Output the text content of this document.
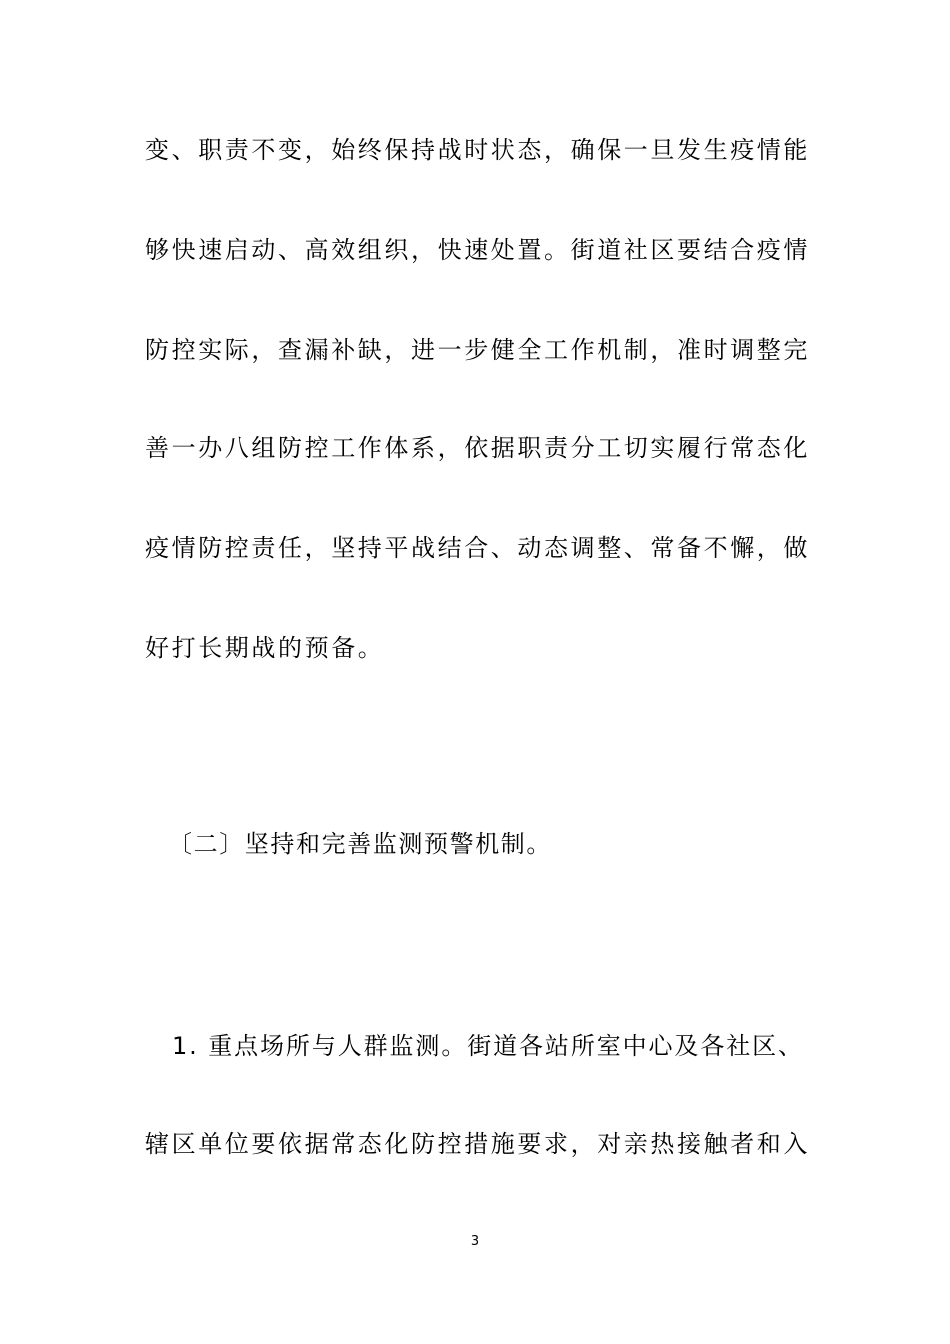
变、职责不变，始终保持战时状态，确保一旦发生疫情能
够快速启动、高效组织，快速处置。街道社区要结合疫情
防控实际，查漏补缺，进一步健全工作机制，准时调整完
善一办八组防控工作体系，依据职责分工切实履行常态化
疫情防控责任，坚持平战结合、动态调整、常备不懈，做
好打长期战的预备。
〔二〕坚持和完善监测预警机制。
1. 重点场所与人群监测。街道各站所室中心及各社区、
辖区单位要依据常态化防控措施要求，对亲热接触者和入
3
